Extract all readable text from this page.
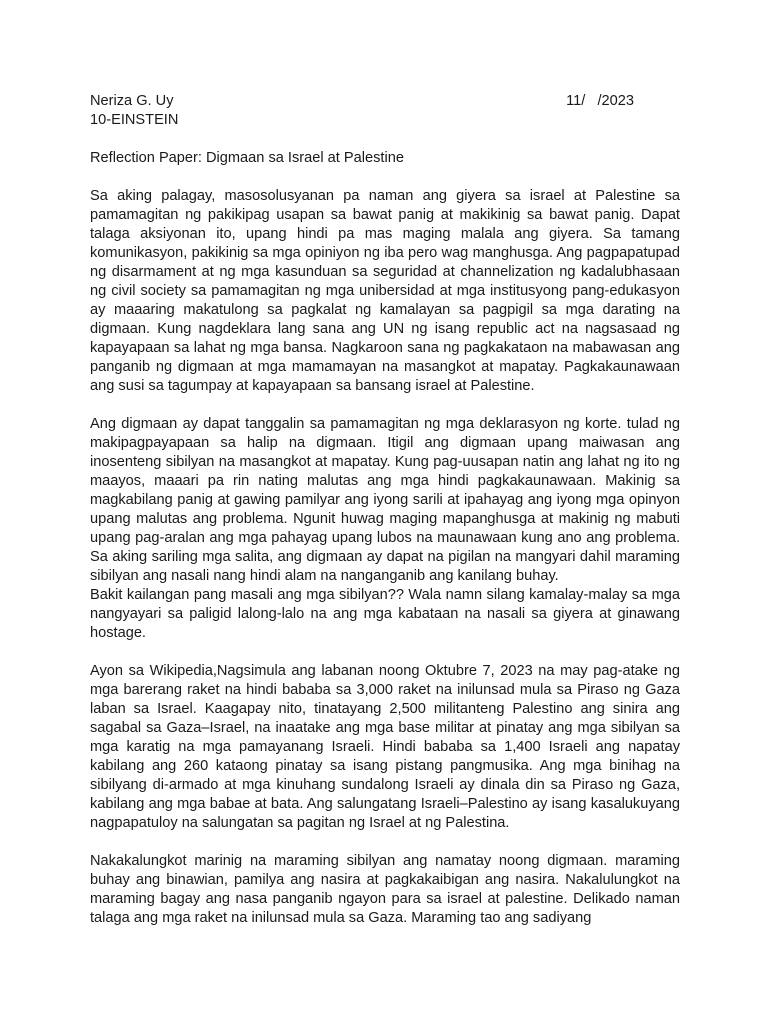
Neriza G. Uy	11/   /2023
10-EINSTEIN
Reflection Paper: Digmaan sa Israel at Palestine

Sa aking palagay, masosolusyanan pa naman ang giyera sa israel at Palestine sa pamamagitan ng pakikipag usapan sa bawat panig at makikinig sa bawat panig. Dapat talaga aksiyonan ito, upang hindi pa mas maging malala ang giyera. Sa tamang komunikasyon, pakikinig sa mga opiniyon ng iba pero wag manghusga. Ang pagpapatupad ng disarmament at ng mga kasunduan sa seguridad at channelization ng kadalubhasaan ng civil society sa pamamagitan ng mga unibersidad at mga institusyong pang-edukasyon ay maaaring makatulong sa pagkalat ng kamalayan sa pagpigil sa mga darating na digmaan. Kung nagdeklara lang sana ang UN ng isang republic act na nagsasaad ng kapayapaan sa lahat ng mga bansa. Nagkaroon sana ng pagkakataon na mabawasan ang panganib ng digmaan at mga mamamayan na masangkot at mapatay. Pagkakaunawaan ang susi sa tagumpay at kapayapaan sa bansang israel at Palestine.

Ang digmaan ay dapat tanggalin sa pamamagitan ng mga deklarasyon ng korte. tulad ng makipagpayapaan sa halip na digmaan. Itigil ang digmaan upang maiwasan ang inosenteng sibilyan na masangkot at mapatay. Kung pag-uusapan natin ang lahat ng ito ng maayos, maaari pa rin nating malutas ang mga hindi pagkakaunawaan. Makinig sa magkabilang panig at gawing pamilyar ang iyong sarili at ipahayag ang iyong mga opinyon upang malutas ang problema. Ngunit huwag maging mapanghusga at makinig ng mabuti upang pag-aralan ang mga pahayag upang lubos na maunawaan kung ano ang problema. Sa aking sariling mga salita, ang digmaan ay dapat na pigilan na mangyari dahil maraming sibilyan ang nasali nang hindi alam na nanganganib ang kanilang buhay.

Bakit kailangan pang masali ang mga sibilyan?? Wala namn silang kamalay-malay sa mga nangyayari sa paligid lalong-lalo na ang mga kabataan na nasali sa giyera at ginawang hostage.

Ayon sa Wikipedia,Nagsimula ang labanan noong Oktubre 7, 2023 na may pag-atake ng mga barerang raket na hindi bababa sa 3,000 raket na inilunsad mula sa Piraso ng Gaza laban sa Israel. Kaagapay nito, tinatayang 2,500 militanteng Palestino ang sinira ang sagabal sa Gaza–Israel, na inaatake ang mga base militar at pinatay ang mga sibilyan sa mga karatig na mga pamayanang Israeli. Hindi bababa sa 1,400 Israeli ang napatay kabilang ang 260 kataong pinatay sa isang pistang pangmusika. Ang mga binihag na sibilyang di-armado at mga kinuhang sundalong Israeli ay dinala din sa Piraso ng Gaza, kabilang ang mga babae at bata. Ang salungatang Israeli–Palestino ay isang kasalukuyang nagpapatuloy na salungatan sa pagitan ng Israel at ng Palestina.

Nakakalungkot marinig na maraming sibilyan ang namatay noong digmaan. maraming buhay ang binawian, pamilya ang nasira at pagkakaibigan ang nasira. Nakalulungkot na maraming bagay ang nasa panganib ngayon para sa israel at palestine. Delikado naman talaga ang mga raket na inilunsad mula sa Gaza. Maraming tao ang sadiyang
